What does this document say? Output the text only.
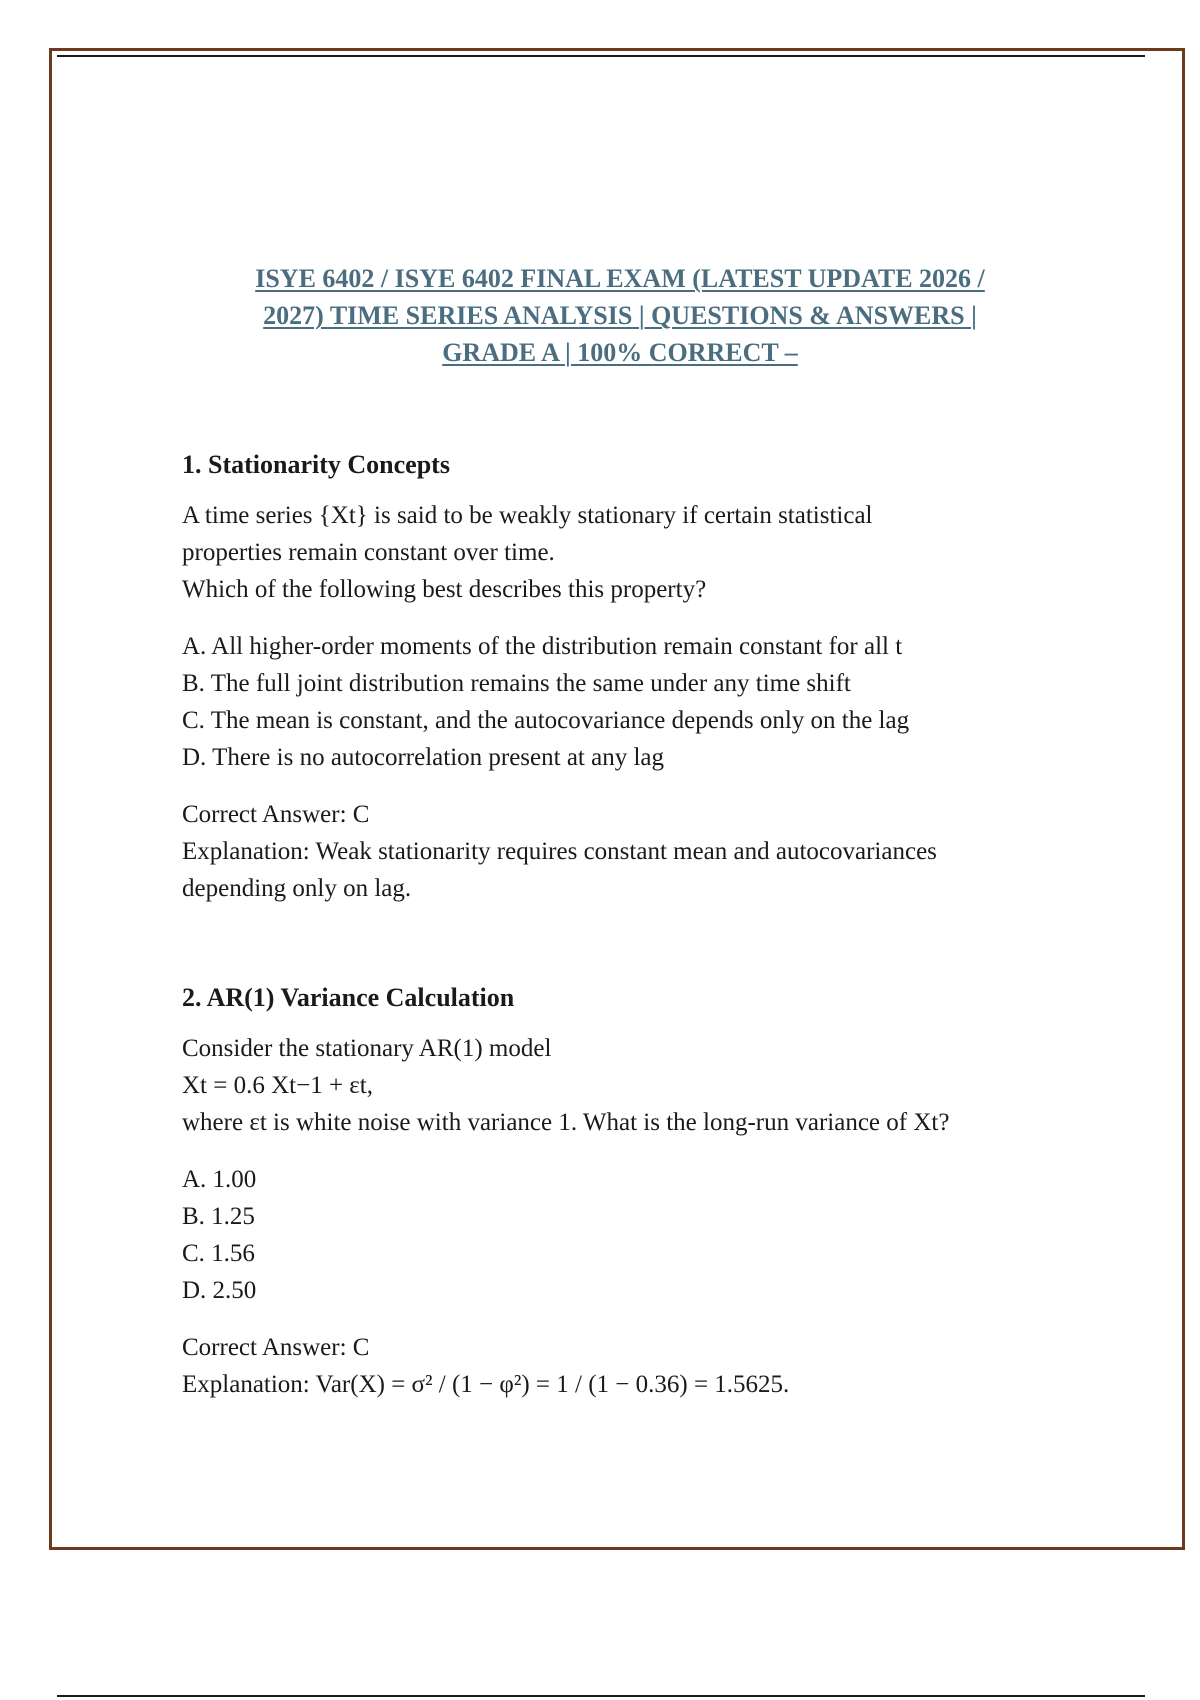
ISYE 6402 / ISYE 6402 FINAL EXAM (LATEST UPDATE 2026 /
2027) TIME SERIES ANALYSIS | QUESTIONS & ANSWERS |
GRADE A | 100% CORRECT –

1. Stationarity Concepts

A time series {Xt} is said to be weakly stationary if certain statistical

properties remain constant over time.

Which of the following best describes this property?

A. All higher-order moments of the distribution remain constant for all t

B. The full joint distribution remains the same under any time shift

C. The mean is constant, and the autocovariance depends only on the lag

D. There is no autocorrelation present at any lag

Correct Answer: C

Explanation: Weak stationarity requires constant mean and autocovariances

depending only on lag.

2. AR(1) Variance Calculation

Consider the stationary AR(1) model

Xt = 0.6 Xt−1 + εt,

where εt is white noise with variance 1. What is the long-run variance of Xt?

A. 1.00

B. 1.25

C. 1.56

D. 2.50

Correct Answer: C

Explanation: Var(X) = σ² / (1 − φ²) = 1 / (1 − 0.36) = 1.5625.
